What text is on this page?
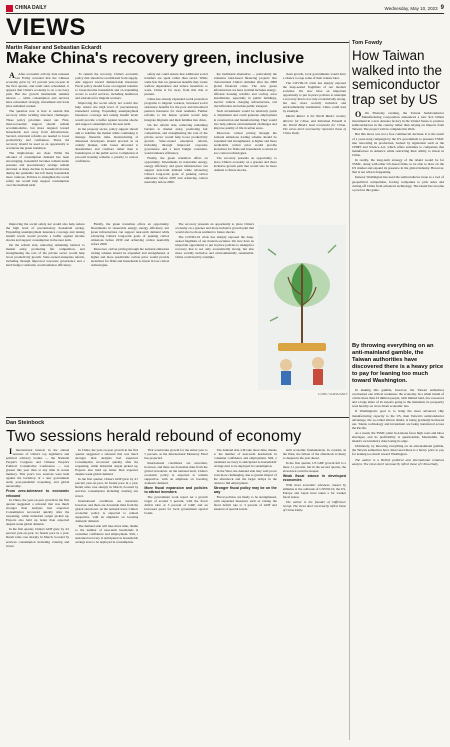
CHINA DAILY	Wednesday, May 10, 2023 9
VIEWS
Martin Raiser and Sebastian Eckardt
Make China's recovery green, inclusive

A After economic activity data released last Friday revealed that the Chinese economy grew by 4.5 percent year-on-year in the first quarter, and retail sales rebounded, it appears that China's economy is on a recovery path. But the growth momentum remains uneven — while consumption and services have rebounded strongly, investment and trade have remained weaker.

The question now is how to sustain this recovery while tackling structural challenges. Three policy priorities stand out. First, macroeconomic support should remain accommodative, but more targeted toward households and away from infrastructure. Second, structural reforms are needed to boost productivity and confidence. Third, the recovery should be used as an opportunity to accelerate the green transition.

The implications are clear. While the rebound of consumption demand has been encouraging, household incomes remain under pressure and precautionary savings remain elevated. A sharp decline in household income during the pandemic has left many households more cautious. Policies to strengthen the social safety net would help support consumption over the medium term.

To sustain the recovery, China's economic policy mix should be recalibrated from supply-side support toward demand-side measures. Fiscal policy should focus on targeted transfers to lower-income households and on expanding access to social services, including healthcare and education for migrant workers.

Improving the social safety net would also help reduce the high level of precautionary household saving. Expanding unemployment insurance coverage and raising benefit levels would provide a buffer against income shocks and support consumption in the near term.

In the property sector, policy support should aim to stabilize the market while continuing to manage financial risks. Restructuring of distressed developers should proceed in an orderly manner, with losses allocated to shareholders and creditors rather than to homebuyers or the public sector. Completion of pre-sold housing remains a priority to restore confidence.

safety net could ensure that additional social transfers are spent rather than saved. While some fear that too generous benefits may create welfare dependence and reduce incentives to work, China is far away from this risk at present.

China has already expanded social protection programs to migrant workers, increased social assistance benefits for the poor and introduced pension insurance for rural residents. Further reforms to the hukou system would help integrate migrants and their families into cities.

On the reform side, removing remaining barriers to market entry, promoting fair competition, and strengthening the role of the private sector would help boost productivity growth. State-owned enterprise reform, including through improved corporate governance and a hard budget constraint, would enhance efficiency.

Finally, the green transition offers an opportunity. Investments in renewable energy, energy efficiency and green infrastructure can support near-term demand while advancing China's long-term goals of peaking carbon emissions before 2030 and achieving carbon neutrality before 2060.

the traditional alternative — particularly the extensive land-based financing projects that characterized China's stimulus after the 2008 global financial crisis. The new green infrastructure we have in mind includes energy-efficient housing retrofits and rooftop solar installations, especially in public buildings, electric vehicle charging infrastructure, rail electrification and urban public transport.

Such investments would be relatively quick to implement and could generate employment in construction and manufacturing. They would also help address environmental challenges and improve quality of life in urban areas.

Moreover, carbon pricing through the national emissions trading scheme should be expanded and strengthened. A higher and more predictable carbon price would provide incentives for firms and households to invest in low-carbon technologies.

The recovery presents an opportunity to place China's economy on a greener and more inclusive growth path that would also be more resilient to future shocks.

clean growth, local governments would have a chance to reap some of their returns later.

The COVID-19 crisis has sharply exposed the deep-seated fragilities of our modern societies. We now have an important opportunity to put in place policies to underpin a recovery that is not only economically strong, but also more socially inclusive and environmentally sustainable. China could lead by example.

Martin Raiser is the World Bank's country director for China, and Sebastian Eckardt is the World Bank's lead economist for China. The views don't necessarily represent those of China Daily.

Improving the social safety net would also help reduce the high level of precautionary household saving. Expanding unemployment insurance coverage and raising benefit levels would provide a buffer against income shocks and support consumption in the near term.

On the reform side, removing remaining barriers to market entry, promoting fair competition, and strengthening the role of the private sector would help boost productivity growth. State-owned enterprise reform, including through improved corporate governance and a hard budget constraint, would enhance efficiency.

Finally, the green transition offers an opportunity. Investments in renewable energy, energy efficiency and green infrastructure can support near-term demand while advancing China's long-term goals of peaking carbon emissions before 2030 and achieving carbon neutrality before 2060.

Moreover, carbon pricing through the national emissions trading scheme should be expanded and strengthened. A higher and more predictable carbon price would provide incentives for firms and households to invest in low-carbon technologies.

The recovery presents an opportunity to place China's economy on a greener and more inclusive growth path that would also be more resilient to future shocks.

The COVID-19 crisis has sharply exposed the deep-seated fragilities of our modern societies. We now have an important opportunity to put in place policies to underpin a recovery that is not only economically strong, but also more socially inclusive and environmentally sustainable. China could lead by example.

LI MIN / CHINA DAILY
Tom Fowdy
How Taiwan walked into the semiconductor trap set by US

O On Thursday evening, the Taiwan Semiconductor Manufacturing Corporation announced a new $12 billion investment in a new Arizona factory in the United States to produce semiconductors in the country rather than relying on imports from Taiwan. The project will be completed in 2024.

But this move was not a free commercial decision. It is the result of a years-long campaign by the US government to pressure TSMC into relocating its production, backed by legislation such as the CHIPS and Science Act, which offers subsidies to companies that manufacture in America while restricting their ability to invest in China.

In reality, the long-term strategy of the island would be for TSMC, along with other US-based firms, to be able to draw on the US market and expand its presence in the global industry. However, that is not what is happening.

Instead, Washington has used the semiconductor issue as a tool of geopolitical competition, forcing companies to pick sides and cutting off China from advanced technology. The island has become a pawn in this game.

By throwing everything on an anti-mainland gamble, the Taiwan authorities have discovered there is a heavy price to pay for leaning too much toward Washington.

In making this gamble, however, the Taiwan authorities overlooked one critical weakness: the economy. In a small island of a little more than 23 million people, with limited land, few resources and a large share of its exports going to the mainland, its prosperity rests heavily on cross-Strait economic ties.

If Washington's goal is to bring the most advanced chip manufacturing capacity to the US, then Taiwan's semiconductor advantage, the so-called silicon shield, is being gradually hollowed out. Talent, technology and investment are being transferred across the Pacific.

As a result, the TSMC plant in Arizona faces high costs and labor shortages, and its profitability is questionable. Meanwhile, the island's own industry risks losing its edge.

Ultimately, by throwing everything on an anti-mainland gamble, the Taiwan authorities have discovered there is a heavy price to pay for leaning too much toward Washington.

The author is a British political and international relations analyst. The views don't necessarily reflect those of China Daily.

Dan Steinbock
Two sessions herald rebound of economy

I International interest in the annual sessions of China's top legislative and political advisory bodies — the National People's Congress and Chinese People's Political Consultative Conference — was greater this year than at any time in recent memory. This year's two sessions were held against the backdrop of a new government team, post-pandemic reopening, and global uncertainty.

From zero-tolerance to economic rebound

In China, the year-on-year growth in the first quarter suggested a rebound that was much stronger than analysts had expected. Consumption recovered quickly after the reopening, while industrial output picked up. Exports also held up better than expected despite weak global demand.

In the first quarter, China's GDP grew by 4.5 percent year-on-year, its fastest pace in a year. Retail sales rose sharply in March, boosted by services consumption including catering and travel.

In China, the year-on-year growth in the first quarter suggested a rebound that was much stronger than analysts had expected. Consumption recovered quickly after the reopening, while industrial output picked up. Exports also held up better than expected despite weak global demand.

In the first quarter, China's GDP grew by 4.5 percent year-on-year, its fastest pace in a year. Retail sales rose sharply in March, boosted by services consumption including catering and travel.

International conditions are uncertain, however, and there are downside risks from the global slowdown. At the national level, China's economic policy is expected to remain supportive, with an emphasis on boosting domestic demand.

The demand side will take more time, thanks to the number of near-term headwinds in consumer confidence and employment. Still, a sustained recovery is anticipated as households' savings start to be deployed in consumption.

That would take growth for the entire year to 5 percent, as the International Monetary Fund has projected.

International conditions are uncertain, however, and there are downside risks from the global slowdown. At the national level, China's economic policy is expected to remain supportive, with an emphasis on boosting domestic demand.

More fiscal expansion and policies to attract investors

The government work report set a growth target of around 5 percent, with the fiscal deficit ratio at 3 percent of GDP, and an increased quota for local government special bonds.

The demand side will take more time, thanks to the number of near-term headwinds in consumer confidence and employment. Still, a sustained recovery is anticipated as households' savings start to be deployed in consumption.

In the West, the demand side may well prove even more challenging, due to greater impact of the aftershock and the larger delays in the return to full employment.

Stronger fiscal policy may be on the way

Fiscal policies are likely to be strengthened, with expanded measures such as raising the fiscal deficit rate to 3 percent of GDP and issuance of special bonds.

term economic fundamentals. In contrast, in the West, the fallout of the aftershock is likely to deepen in the year ahead.

In the first quarter, US GDP growth fell to a mere 1.1 percent, but in the second quarter, the slowdown could be steeper.

Weak fiscal stance in developed economies

With most economic advances caused by stimulus at the outbreak of COVID-19, the US, Europe and Japan have taken a far weaker fiscal stance.

The author is the founder of Difference Group. The views don't necessarily reflect those of China Daily.
